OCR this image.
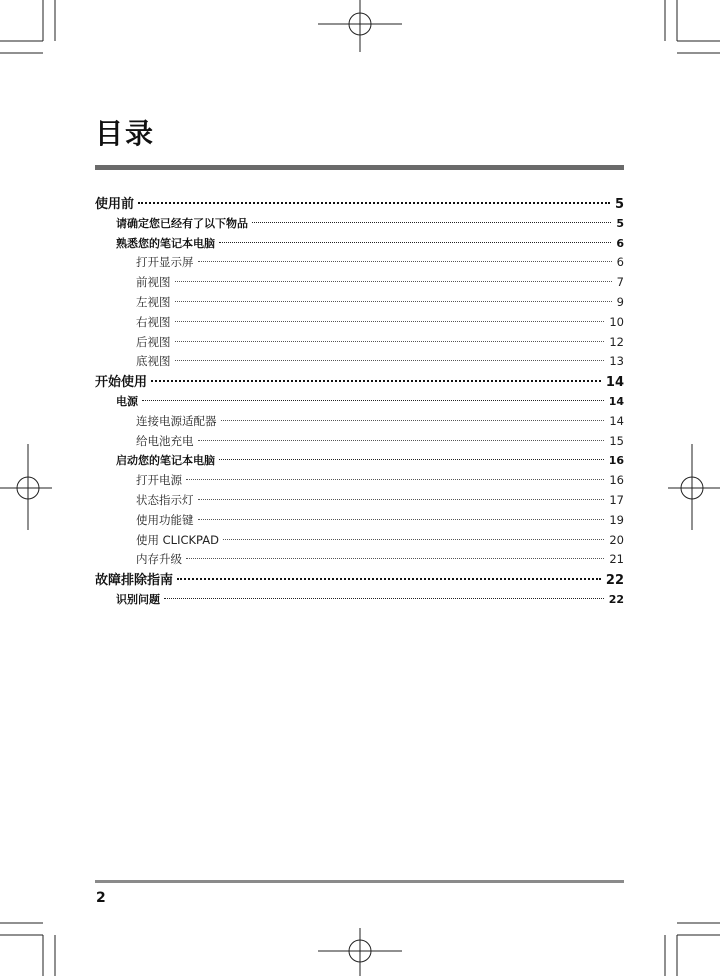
目录
使用前	5
请确定您已经有了以下物品	5
熟悉您的笔记本电脑	6
打开显示屏	6
前视图	7
左视图	9
右视图	10
后视图	12
底视图	13
开始使用	14
电源	14
连接电源适配器	14
给电池充电	15
启动您的笔记本电脑	16
打开电源	16
状态指示灯	17
使用功能键	19
使用 CLICKPAD	20
内存升级	21
故障排除指南	22
识别问题	22
2
